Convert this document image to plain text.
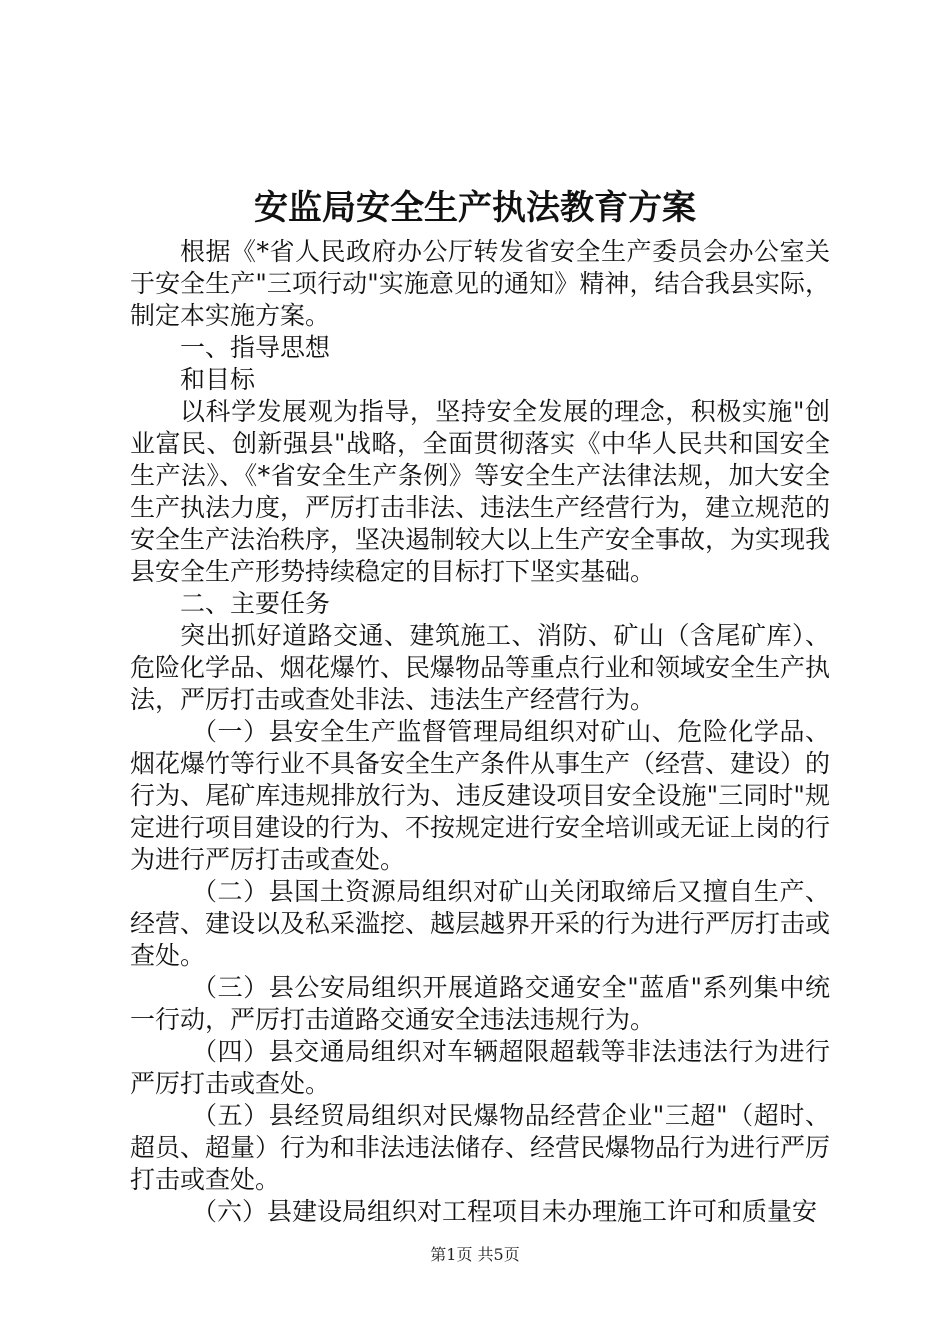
安监局安全生产执法教育方案

根据《*省人民政府办公厅转发省安全生产委员会办公室关于安全生产"三项行动"实施意见的通知》精神，结合我县实际，制定本实施方案。

一、指导思想

和目标

以科学发展观为指导，坚持安全发展的理念，积极实施"创业富民、创新强县"战略，全面贯彻落实《中华人民共和国安全生产法》、《*省安全生产条例》等安全生产法律法规，加大安全生产执法力度，严厉打击非法、违法生产经营行为，建立规范的安全生产法治秩序，坚决遏制较大以上生产安全事故，为实现我县安全生产形势持续稳定的目标打下坚实基础。

二、主要任务

突出抓好道路交通、建筑施工、消防、矿山（含尾矿库）、危险化学品、烟花爆竹、民爆物品等重点行业和领域安全生产执法，严厉打击或查处非法、违法生产经营行为。

（一）县安全生产监督管理局组织对矿山、危险化学品、烟花爆竹等行业不具备安全生产条件从事生产（经营、建设）的行为、尾矿库违规排放行为、违反建设项目安全设施"三同时"规定进行项目建设的行为、不按规定进行安全培训或无证上岗的行为进行严厉打击或查处。

（二）县国土资源局组织对矿山关闭取缔后又擅自生产、经营、建设以及私采滥挖、越层越界开采的行为进行严厉打击或查处。

（三）县公安局组织开展道路交通安全"蓝盾"系列集中统一行动，严厉打击道路交通安全违法违规行为。

（四）县交通局组织对车辆超限超载等非法违法行为进行严厉打击或查处。

（五）县经贸局组织对民爆物品经营企业"三超"（超时、超员、超量）行为和非法违法储存、经营民爆物品行为进行严厉打击或查处。

（六）县建设局组织对工程项目未办理施工许可和质量安

第1页 共5页
